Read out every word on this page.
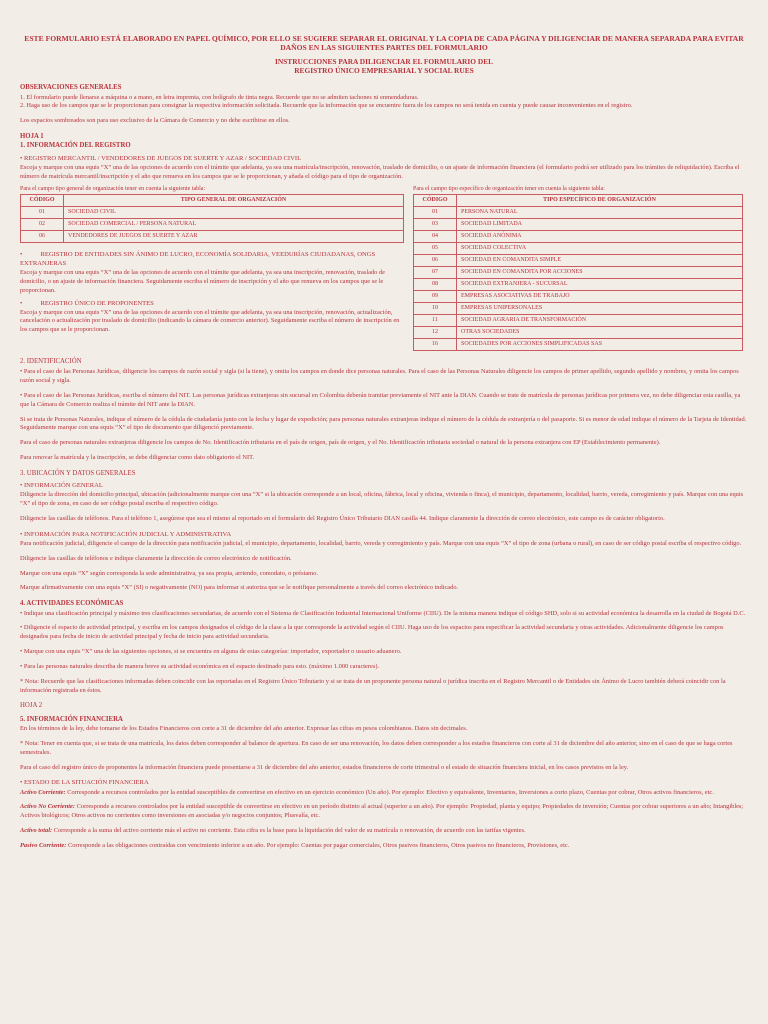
ESTE FORMULARIO ESTÁ ELABORADO EN PAPEL QUÍMICO, POR ELLO SE SUGIERE SEPARAR EL ORIGINAL Y LA COPIA DE CADA PÁGINA Y DILIGENCIAR DE MANERA SEPARADA PARA EVITAR DAÑOS EN LAS SIGUIENTES PARTES DEL FORMULARIO
INSTRUCCIONES PARA DILIGENCIAR EL FORMULARIO DEL
REGISTRO ÚNICO EMPRESARIAL Y SOCIAL RUES
OBSERVACIONES GENERALES

1. El formulario puede llenarse a máquina o a mano, en letra imprenta, con bolígrafo de tinta negra. Recuerde que no se admiten tachones ni enmendaduras.

2. Haga uso de los campos que se le proporcionan para consignar la respectiva información solicitada. Recuerde que la información que se encuentre fuera de los campos no será tenida en cuenta y puede causar inconvenientes en el registro.

Los espacios sombreados son para uso exclusivo de la Cámara de Comercio y no debe escribirse en ellos.

HOJA 1
1. INFORMACIÓN DEL REGISTRO
• REGISTRO MERCANTIL / VENDEDORES DE JUEGOS DE SUERTE Y AZAR / SOCIEDAD CIVIL

Escoja y marque con una equis “X” una de las opciones de acuerdo con el trámite que adelanta, ya sea una matrícula/inscripción, renovación, traslado de domicilio, o un ajuste de información financiera (el formulario podrá ser utilizado para los trámites de reliquidación). Escriba el número de matrícula mercantil/inscripción y el año que renueva en los campos que se le proporcionan, y añada el código para el tipo de organización.

Para el campo tipo general de organización tener en cuenta la siguiente tabla:
CÓDIGO	TIPO GENERAL DE ORGANIZACIÓN
01	SOCIEDAD CIVIL
02	SOCIEDAD COMERCIAL / PERSONA NATURAL
06	VENDEDORES DE JUEGOS DE SUERTE Y AZAR
•           REGISTRO DE ENTIDADES SIN ÁNIMO DE LUCRO, ECONOMÍA SOLIDARIA, VEEDURÍAS CIUDADANAS, ONGS EXTRANJERAS

Escoja y marque con una equis “X” una de las opciones de acuerdo con el trámite que adelanta, ya sea una inscripción, renovación, traslado de domicilio, o un ajuste de información financiera. Seguidamente escriba el número de inscripción y el año que renueva en los campos que se le proporcionan.

•           REGISTRO ÚNICO DE PROPONENTES

Escoja y marque con una equis “X” una de las opciones de acuerdo con el trámite que adelanta, ya sea una inscripción, renovación, actualización, cancelación o actualización por traslado de domicilio (indicando la cámara de comercio anterior). Seguidamente escriba el número de inscripción en los campos que se le proporcionan.

Para el campo tipo específico de organización tener en cuenta la siguiente tabla:
CÓDIGO	TIPO ESPECÍFICO DE ORGANIZACIÓN
01	PERSONA NATURAL
03	SOCIEDAD LIMITADA
04	SOCIEDAD ANÓNIMA
05	SOCIEDAD COLECTIVA
06	SOCIEDAD EN COMANDITA SIMPLE
07	SOCIEDAD EN COMANDITA POR ACCIONES
08	SOCIEDAD EXTRANJERA - SUCURSAL
09	EMPRESAS ASOCIATIVAS DE TRABAJO
10	EMPRESAS UNIPERSONALES
11	SOCIEDAD AGRARIA DE TRANSFORMACIÓN
12	OTRAS SOCIEDADES
16	SOCIEDADES POR ACCIONES SIMPLIFICADAS SAS
2. IDENTIFICACIÓN

• Para el caso de las Personas Jurídicas, diligencie los campos de razón social y sigla (si la tiene), y omita los campos en donde dice personas naturales. Para el caso de las Personas Naturales diligencie los campos de primer apellido, segundo apellido y nombres, y omita los campos razón social y sigla.

• Para el caso de las Personas Jurídicas, escriba el número del NIT. Las personas jurídicas extranjeras sin sucursal en Colombia deberán tramitar previamente el NIT ante la DIAN. Cuando se trate de matrícula de personas jurídicas por primera vez, no debe diligenciar esta casilla, ya que la Cámara de Comercio realiza el trámite del NIT ante la DIAN.

Si se trata de Personas Naturales, indique el número de la cédula de ciudadanía junto con la fecha y lugar de expedición; para personas naturales extranjeras indique el número de la cédula de extranjería o del pasaporte. Si es menor de edad indique el número de la Tarjeta de Identidad. Seguidamente marque con una equis “X” el tipo de documento que diligenció previamente.

Para el caso de personas naturales extranjeras diligencie los campos de No. Identificación tributaria en el país de origen, país de origen, y el No. Identificación tributaria sociedad o natural de la persona extranjera con EP (Establecimiento permanente).

Para renovar la matrícula y la inscripción, se debe diligenciar como dato obligatorio el NIT.

3. UBICACIÓN Y DATOS GENERALES
• INFORMACIÓN GENERAL

Diligencie la dirección del domicilio principal, ubicación (adicionalmente marque con una “X” si la ubicación corresponde a un local, oficina, fábrica, local y oficina, vivienda o finca), el municipio, departamento, localidad, barrio, vereda, corregimiento y país. Marque con una equis “X” el tipo de zona, en caso de ser código postal escriba el respectivo código.

Diligencie las casillas de teléfonos. Para el teléfono 1, asegúrese que sea el mismo al reportado en el formulario del Registro Único Tributario DIAN casilla 44. Indique claramente la dirección de correo electrónico, este campo es de carácter obligatorio.

• INFORMACIÓN PARA NOTIFICACIÓN JUDICIAL Y ADMINISTRATIVA

Para notificación judicial, diligencie el campo de la dirección para notificación judicial, el municipio, departamento, localidad, barrio, vereda y corregimiento y país. Marque con una equis “X” el tipo de zona (urbana o rural), en caso de ser código postal escriba el respectivo código.

Diligencie las casillas de teléfonos e indique claramente la dirección de correo electrónico de notificación.

Marque con una equis “X” según corresponda la sede administrativa, ya sea propia, arriendo, comodato, o préstamo.

Marque afirmativamente con una equis “X” (SI) o negativamente (NO) para informar si autoriza que se le notifique personalmente a través del correo electrónico indicado.

4. ACTIVIDADES ECONÓMICAS

• Indique una clasificación principal y máximo tres clasificaciones secundarias, de acuerdo con el Sistema de Clasificación Industrial Internacional Uniforme (CIIU). De la misma manera indique el código SHD, solo si su actividad económica la desarrolla en la ciudad de Bogotá D.C.

• Diligencie el espacio de actividad principal, y escriba en los campos designados el código de la clase a la que corresponde la actividad según el CIIU. Haga uso de los espacios para especificar la actividad secundaria y otras actividades. Adicionalmente diligencie los campos designados para fecha de inicio de actividad principal y fecha de inicio para actividad secundaria.

• Marque con una equis “X” una de las siguientes opciones, si se encuentra en alguna de estas categorías: importador, exportador o usuario aduanero.

• Para las personas naturales describa de manera breve su actividad económica en el espacio destinado para esto. (máximo 1.000 caracteres).

* Nota: Recuerde que las clasificaciones informadas deben coincidir con las reportadas en el Registro Único Tributario y si se trata de un proponente persona natural o jurídica inscrita en el Registro Mercantil o de Entidades sin Ánimo de Lucro también deberá coincidir con la información registrada en éstos.

HOJA 2
5. INFORMACIÓN FINANCIERA

En los términos de la ley, debe tomarse de los Estados Financieros con corte a 31 de diciembre del año anterior. Expresar las cifras en pesos colombianos. Datos sin decimales.

* Nota: Tener en cuenta que, si se trata de una matrícula, los datos deben corresponder al balance de apertura. En caso de ser una renovación, los datos deben corresponder a los estados financieros con corte al 31 de diciembre del año anterior, sino en el caso de que se haga cortes semestrales.

Para el caso del registro único de proponentes la información financiera puede presentarse a 31 de diciembre del año anterior, estados financieros de corte trimestral o el estado de situación financiera inicial, en los casos previstos en la ley.

• ESTADO DE LA SITUACIÓN FINANCIERA

Activo Corriente: Corresponde a recursos controlados por la entidad susceptibles de convertirse en efectivo en un ejercicio económico (Un año). Por ejemplo: Efectivo y equivalente, Inventarios, Inversiones a corto plazo, Cuentas por cobrar, Otros activos financieros, etc.

Activo No Corriente: Corresponde a recursos controlados por la entidad susceptible de convertirse en efectivo en un período distinto al actual (superior a un año). Por ejemplo: Propiedad, planta y equipo; Propiedades de inversión; Cuentas por cobrar superiores a un año; Intangibles; Activos biológicos; Otros activos no corrientes como inversiones en asociadas y/o negocios conjuntos; Plusvalía, etc.

Activo total: Corresponde a la suma del activo corriente más el activo no corriente. Esta cifra es la base para la liquidación del valor de su matrícula o renovación, de acuerdo con las tarifas vigentes.

Pasivo Corriente: Corresponde a las obligaciones contraídas con vencimiento inferior a un año. Por ejemplo: Cuentas por pagar comerciales, Otros pasivos financieros, Otros pasivos no financieros, Provisiones, etc.
